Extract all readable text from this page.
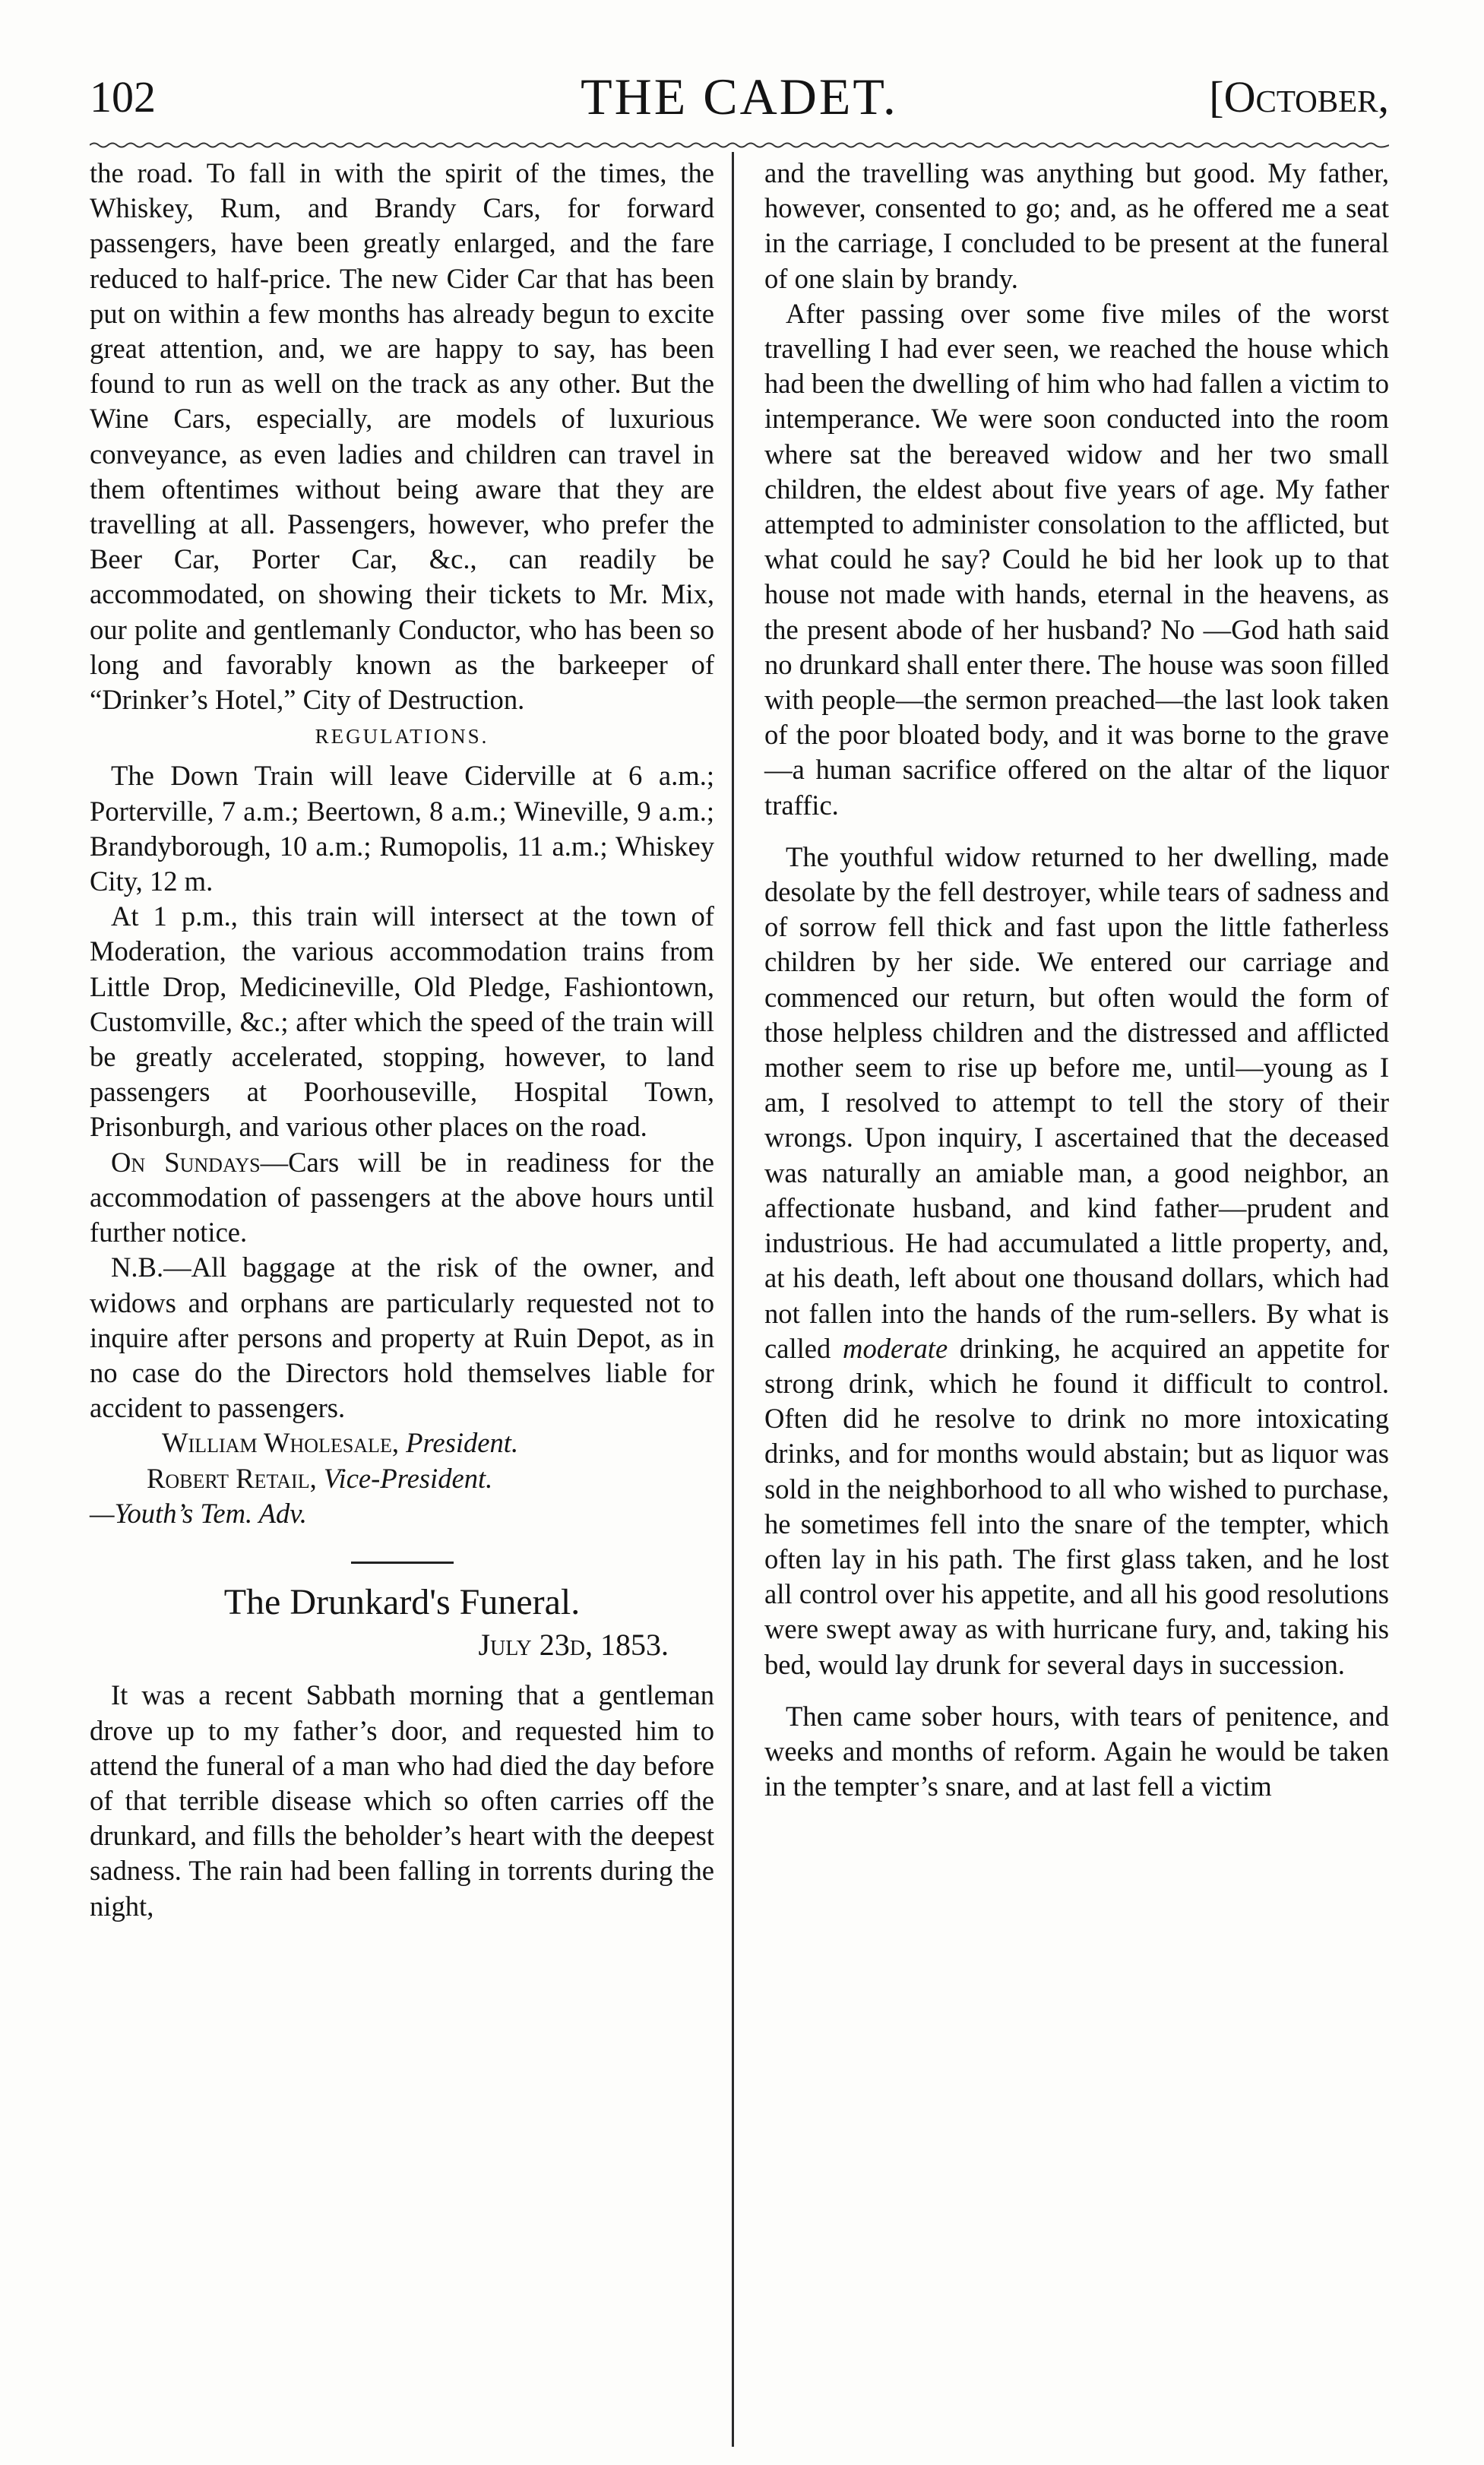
102	THE CADET.	[October,

the road. To fall in with the spirit of the times, the Whiskey, Rum, and Brandy Cars, for forward passengers, have been greatly enlarged, and the fare reduced to half-price. The new Cider Car that has been put on within a few months has already begun to excite great attention, and, we are happy to say, has been found to run as well on the track as any other. But the Wine Cars, especially, are models of luxurious conveyance, as even ladies and children can travel in them oftentimes without being aware that they are travelling at all. Passengers, however, who prefer the Beer Car, Porter Car, &c., can readily be accommodated, on showing their tickets to Mr. Mix, our polite and gentlemanly Conductor, who has been so long and favorably known as the barkeeper of “Drinker’s Hotel,” City of Destruction.

REGULATIONS.

The Down Train will leave Ciderville at 6 a.m.; Porterville, 7 a.m.; Beertown, 8 a.m.; Wineville, 9 a.m.; Brandyborough, 10 a.m.; Rumopolis, 11 a.m.; Whiskey City, 12 m.

At 1 p.m., this train will intersect at the town of Moderation, the various accommodation trains from Little Drop, Medicineville, Old Pledge, Fashiontown, Customville, &c.; after which the speed of the train will be greatly accelerated, stopping, however, to land passengers at Poorhouseville, Hospital Town, Prisonburgh, and various other places on the road.

On Sundays—Cars will be in readiness for the accommodation of passengers at the above hours until further notice.

N.B.—All baggage at the risk of the owner, and widows and orphans are particularly requested not to inquire after persons and property at Ruin Depot, as in no case do the Directors hold themselves liable for accident to passengers.

William Wholesale, President.
Robert Retail, Vice-President.
—Youth’s Tem. Adv.
The Drunkard's Funeral.
July 23d, 1853.

It was a recent Sabbath morning that a gentleman drove up to my father’s door, and requested him to attend the funeral of a man who had died the day before of that terrible disease which so often carries off the drunkard, and fills the beholder’s heart with the deepest sadness. The rain had been falling in torrents during the night,

and the travelling was anything but good. My father, however, consented to go; and, as he offered me a seat in the carriage, I concluded to be present at the funeral of one slain by brandy.

After passing over some five miles of the worst travelling I had ever seen, we reached the house which had been the dwelling of him who had fallen a victim to intemperance. We were soon conducted into the room where sat the bereaved widow and her two small children, the eldest about five years of age. My father attempted to administer consolation to the afflicted, but what could he say? Could he bid her look up to that house not made with hands, eternal in the heavens, as the present abode of her husband? No —God hath said no drunkard shall enter there. The house was soon filled with people—the sermon preached—the last look taken of the poor bloated body, and it was borne to the grave—a human sacrifice offered on the altar of the liquor traffic.

The youthful widow returned to her dwelling, made desolate by the fell destroyer, while tears of sadness and of sorrow fell thick and fast upon the little fatherless children by her side. We entered our carriage and commenced our return, but often would the form of those helpless children and the distressed and afflicted mother seem to rise up before me, until—young as I am, I resolved to attempt to tell the story of their wrongs. Upon inquiry, I ascertained that the deceased was naturally an amiable man, a good neighbor, an affectionate husband, and kind father—prudent and industrious. He had accumulated a little property, and, at his death, left about one thousand dollars, which had not fallen into the hands of the rum-sellers. By what is called moderate drinking, he acquired an appetite for strong drink, which he found it difficult to control. Often did he resolve to drink no more intoxicating drinks, and for months would abstain; but as liquor was sold in the neighborhood to all who wished to purchase, he sometimes fell into the snare of the tempter, which often lay in his path. The first glass taken, and he lost all control over his appetite, and all his good resolutions were swept away as with hurricane fury, and, taking his bed, would lay drunk for several days in succession.

Then came sober hours, with tears of penitence, and weeks and months of reform. Again he would be taken in the tempter’s snare, and at last fell a victim
